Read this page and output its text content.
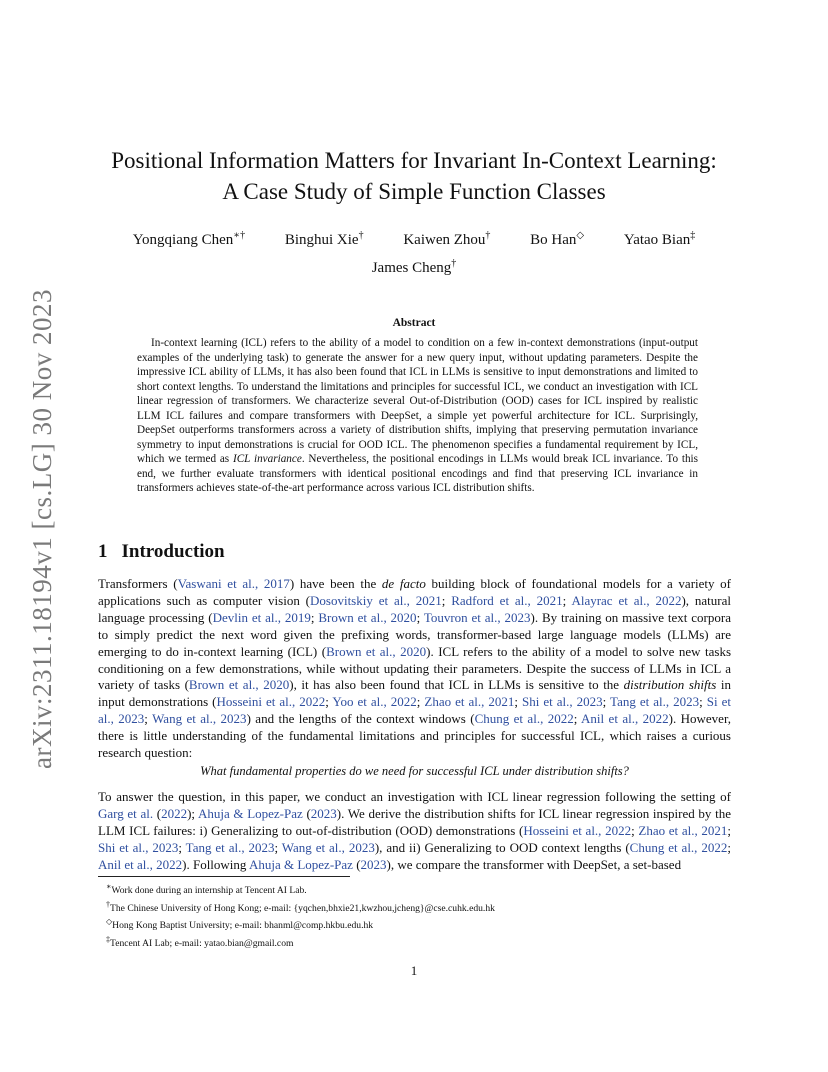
arXiv:2311.18194v1 [cs.LG] 30 Nov 2023
Positional Information Matters for Invariant In-Context Learning:
A Case Study of Simple Function Classes
Yongqiang Chen∗†	Binghui Xie†	Kaiwen Zhou†	Bo Han◇	Yatao Bian‡
James Cheng†
Abstract
In-context learning (ICL) refers to the ability of a model to condition on a few in-context demonstrations (input-output examples of the underlying task) to generate the answer for a new query input, without updating parameters. Despite the impressive ICL ability of LLMs, it has also been found that ICL in LLMs is sensitive to input demonstrations and limited to short context lengths. To understand the limitations and principles for successful ICL, we conduct an investigation with ICL linear regression of transformers. We characterize several Out-of-Distribution (OOD) cases for ICL inspired by realistic LLM ICL failures and compare transformers with DeepSet, a simple yet powerful architecture for ICL. Surprisingly, DeepSet outperforms transformers across a variety of distribution shifts, implying that preserving permutation invariance symmetry to input demonstrations is crucial for OOD ICL. The phenomenon specifies a fundamental requirement by ICL, which we termed as ICL invariance. Nevertheless, the positional encodings in LLMs would break ICL invariance. To this end, we further evaluate transformers with identical positional encodings and find that preserving ICL invariance in transformers achieves state-of-the-art performance across various ICL distribution shifts.
1 Introduction
Transformers (Vaswani et al., 2017) have been the de facto building block of foundational models for a variety of applications such as computer vision (Dosovitskiy et al., 2021; Radford et al., 2021; Alayrac et al., 2022), natural language processing (Devlin et al., 2019; Brown et al., 2020; Touvron et al., 2023). By training on massive text corpora to simply predict the next word given the prefixing words, transformer-based large language models (LLMs) are emerging to do in-context learning (ICL) (Brown et al., 2020). ICL refers to the ability of a model to solve new tasks conditioning on a few demonstrations, while without updating their parameters. Despite the success of LLMs in ICL a variety of tasks (Brown et al., 2020), it has also been found that ICL in LLMs is sensitive to the distribution shifts in input demonstrations (Hosseini et al., 2022; Yoo et al., 2022; Zhao et al., 2021; Shi et al., 2023; Tang et al., 2023; Si et al., 2023; Wang et al., 2023) and the lengths of the context windows (Chung et al., 2022; Anil et al., 2022). However, there is little understanding of the fundamental limitations and principles for successful ICL, which raises a curious research question:
What fundamental properties do we need for successful ICL under distribution shifts?
To answer the question, in this paper, we conduct an investigation with ICL linear regression following the setting of Garg et al. (2022); Ahuja & Lopez-Paz (2023). We derive the distribution shifts for ICL linear regression inspired by the LLM ICL failures: i) Generalizing to out-of-distribution (OOD) demonstrations (Hosseini et al., 2022; Zhao et al., 2021; Shi et al., 2023; Tang et al., 2023; Wang et al., 2023), and ii) Generalizing to OOD context lengths (Chung et al., 2022; Anil et al., 2022). Following Ahuja & Lopez-Paz (2023), we compare the transformer with DeepSet, a set-based
∗Work done during an internship at Tencent AI Lab.
†The Chinese University of Hong Kong; e-mail: {yqchen,bhxie21,kwzhou,jcheng}@cse.cuhk.edu.hk
◇Hong Kong Baptist University; e-mail: bhanml@comp.hkbu.edu.hk
‡Tencent AI Lab; e-mail: yatao.bian@gmail.com
1
